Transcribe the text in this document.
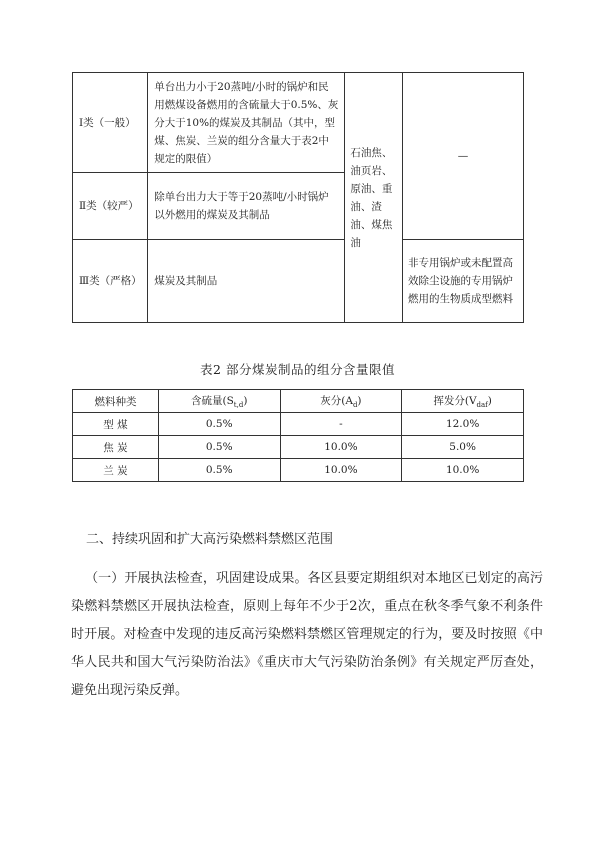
Ⅰ类（一般）	单台出力小于20蒸吨/小时的锅炉和民用燃煤设备燃用的含硫量大于0.5%、灰分大于10%的煤炭及其制品（其中，型煤、焦炭、兰炭的组分含量大于表2中规定的限值）	石油焦、油页岩、原油、重油、渣油、煤焦油	—
Ⅱ类（较严）	除单台出力大于等于20蒸吨/小时锅炉以外燃用的煤炭及其制品		
Ⅲ类（严格）	煤炭及其制品		非专用锅炉或未配置高效除尘设施的专用锅炉燃用的生物质成型燃料
表2 部分煤炭制品的组分含量限值
燃料种类	含硫量$(S_{t,d})$	灰分$(A_d)$	挥发分$(V_{daf})$
型 煤	0.5%	-	12.0%
焦 炭	0.5%	10.0%	5.0%
兰 炭	0.5%	10.0%	10.0%
二、持续巩固和扩大高污染燃料禁燃区范围
（一）开展执法检查，巩固建设成果。各区县要定期组织对本地区已划定的高污染燃料禁燃区开展执法检查，原则上每年不少于2次，重点在秋冬季气象不利条件时开展。对检查中发现的违反高污染燃料禁燃区管理规定的行为，要及时按照《中华人民共和国大气污染防治法》《重庆市大气污染防治条例》有关规定严厉查处，避免出现污染反弹。
